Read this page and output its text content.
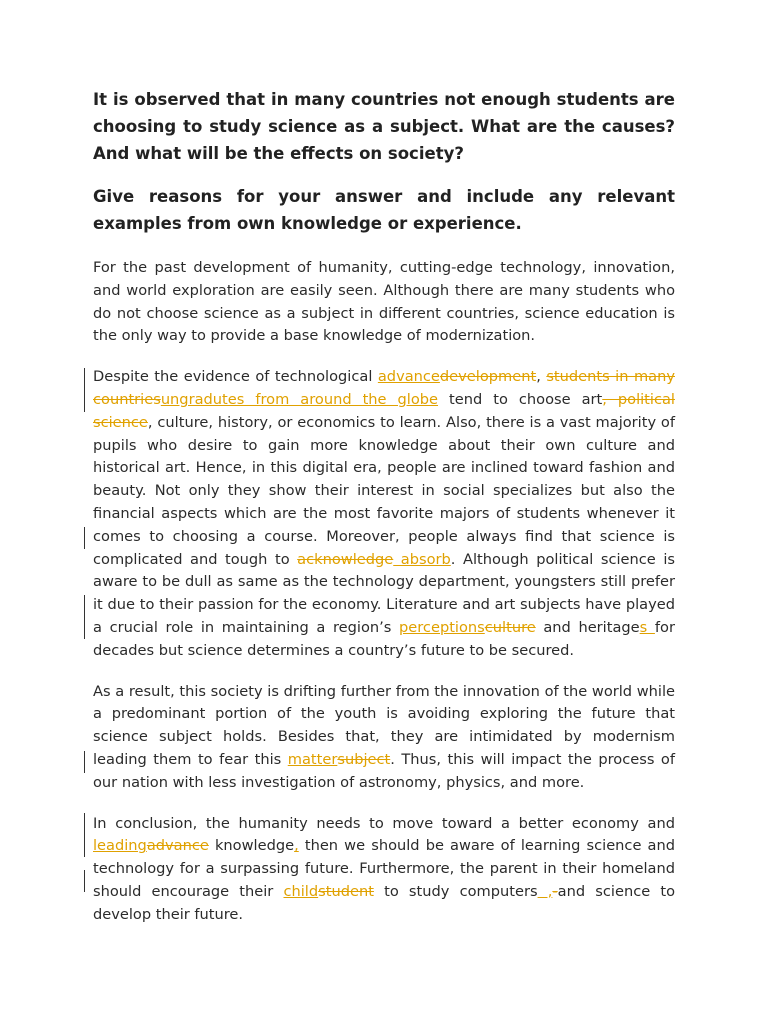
It is observed that in many countries not enough students are choosing to study science as a subject. What are the causes? And what will be the effects on society?

Give reasons for your answer and include any relevant examples from own knowledge or experience.

For the past development of humanity, cutting-edge technology, innovation, and world exploration are easily seen. Although there are many students who do not choose science as a subject in different countries, science education is the only way to provide a base knowledge of modernization.

Despite the evidence of technological advancedevelopment, students in many countriesungradutes from around the globe tend to choose art, political science, culture, history, or economics to learn. Also, there is a vast majority of pupils who desire to gain more knowledge about their own culture and historical art. Hence, in this digital era, people are inclined toward fashion and beauty. Not only they show their interest in social specializes but also the financial aspects which are the most favorite majors of students whenever it comes to choosing a course. Moreover, people always find that science is complicated and tough to acknowledge absorb. Although political science is aware to be dull as same as the technology department, youngsters still prefer it due to their passion for the economy. Literature and art subjects have played a crucial role in maintaining a region’s perceptionsculture and heritages for decades but science determines a country’s future to be secured.

As a result, this society is drifting further from the innovation of the world while a predominant portion of the youth is avoiding exploring the future that science subject holds. Besides that, they are intimidated by modernism leading them to fear this mattersubject. Thus, this will impact the process of our nation with less investigation of astronomy, physics, and more.

In conclusion, the humanity needs to move toward a better economy and leadingadvance knowledge, then we should be aware of learning science and technology for a surpassing future. Furthermore, the parent in their homeland should encourage their childstudent to study computers ,-and science to develop their future.
